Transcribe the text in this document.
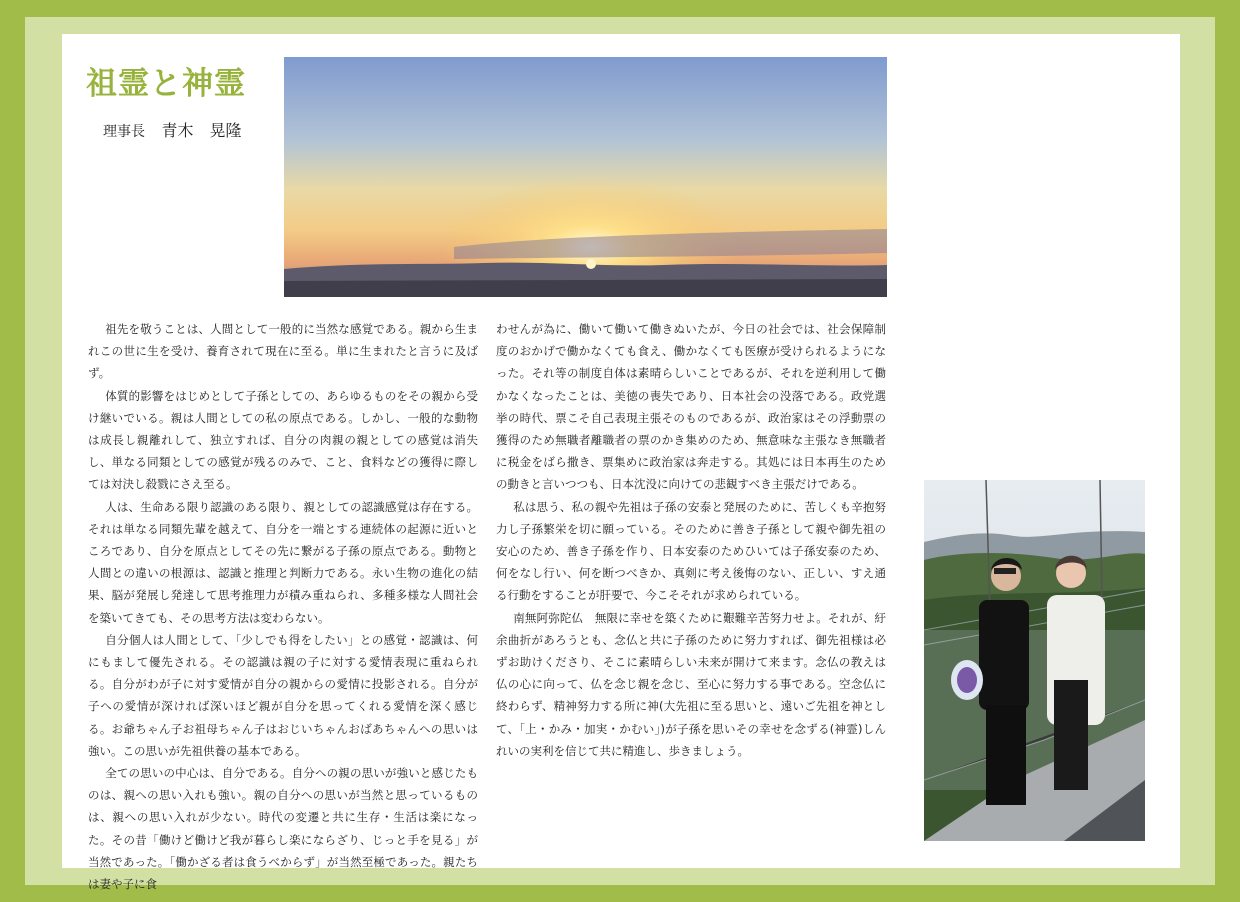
祖霊と神霊
理事長 青木　晃隆

祖先を敬うことは、人間として一般的に当然な感覚である。親から生まれこの世に生を受け、養育されて現在に至る。単に生まれたと言うに及ばず。

体質的影響をはじめとして子孫としての、あらゆるものをその親から受け継いでいる。親は人間としての私の原点である。しかし、一般的な動物は成長し親離れして、独立すれば、自分の肉親の親としての感覚は消失し、単なる同類としての感覚が残るのみで、こと、食料などの獲得に際しては対決し殺戮にさえ至る。

人は、生命ある限り認識のある限り、親としての認識感覚は存在する。それは単なる同類先輩を越えて、自分を一端とする連続体の起源に近いところであり、自分を原点としてその先に繋がる子孫の原点である。動物と人間との違いの根源は、認識と推理と判断力である。永い生物の進化の結果、脳が発展し発達して思考推理力が積み重ねられ、多種多様な人間社会を築いてきても、その思考方法は変わらない。

自分個人は人間として、「少しでも得をしたい」との感覚・認識は、何にもまして優先される。その認識は親の子に対する愛情表現に重ねられる。自分がわが子に対す愛情が自分の親からの愛情に投影される。自分が子への愛情が深ければ深いほど親が自分を思ってくれる愛情を深く感じる。お爺ちゃん子お祖母ちゃん子はおじいちゃんおばあちゃんへの思いは強い。この思いが先祖供養の基本である。

全ての思いの中心は、自分である。自分への親の思いが強いと感じたものは、親への思い入れも強い。親の自分への思いが当然と思っているものは、親への思い入れが少ない。時代の変遷と共に生存・生活は楽になった。その昔「働けど働けど我が暮らし楽にならざり、じっと手を見る」が当然であった。「働かざる者は食うべからず」が当然至極であった。親たちは妻や子に食

わせんが為に、働いて働いて働きぬいたが、今日の社会では、社会保障制度のおかげで働かなくても食え、働かなくても医療が受けられるようになった。それ等の制度自体は素晴らしいことであるが、それを逆利用して働かなくなったことは、美徳の喪失であり、日本社会の没落である。政党選挙の時代、票こそ自己表現主張そのものであるが、政治家はその浮動票の獲得のため無職者離職者の票のかき集めのため、無意味な主張なき無職者に税金をばら撒き、票集めに政治家は奔走する。其処には日本再生のための動きと言いつつも、日本沈没に向けての悲観すべき主張だけである。

私は思う、私の親や先祖は子孫の安泰と発展のために、苦しくも辛抱努力し子孫繁栄を切に願っている。そのために善き子孫として親や御先祖の安心のため、善き子孫を作り、日本安泰のためひいては子孫安泰のため、何をなし行い、何を断つべきか、真剣に考え後悔のない、正しい、すえ通る行動をすることが肝要で、今こそそれが求められている。

南無阿弥陀仏　無限に幸せを築くために艱難辛苦努力せよ。それが、紆余曲折があろうとも、念仏と共に子孫のために努力すれば、御先祖様は必ずお助けくださり、そこに素晴らしい未来が開けて来ます。念仏の教えは仏の心に向って、仏を念じ親を念じ、至心に努力する事である。空念仏に終わらず、精神努力する所に神(大先祖に至る思いと、遠いご先祖を神として、「上・かみ・加実・かむい」)が子孫を思いその幸せを念ずる(神霊)しんれいの実利を信じて共に精進し、歩きましょう。
